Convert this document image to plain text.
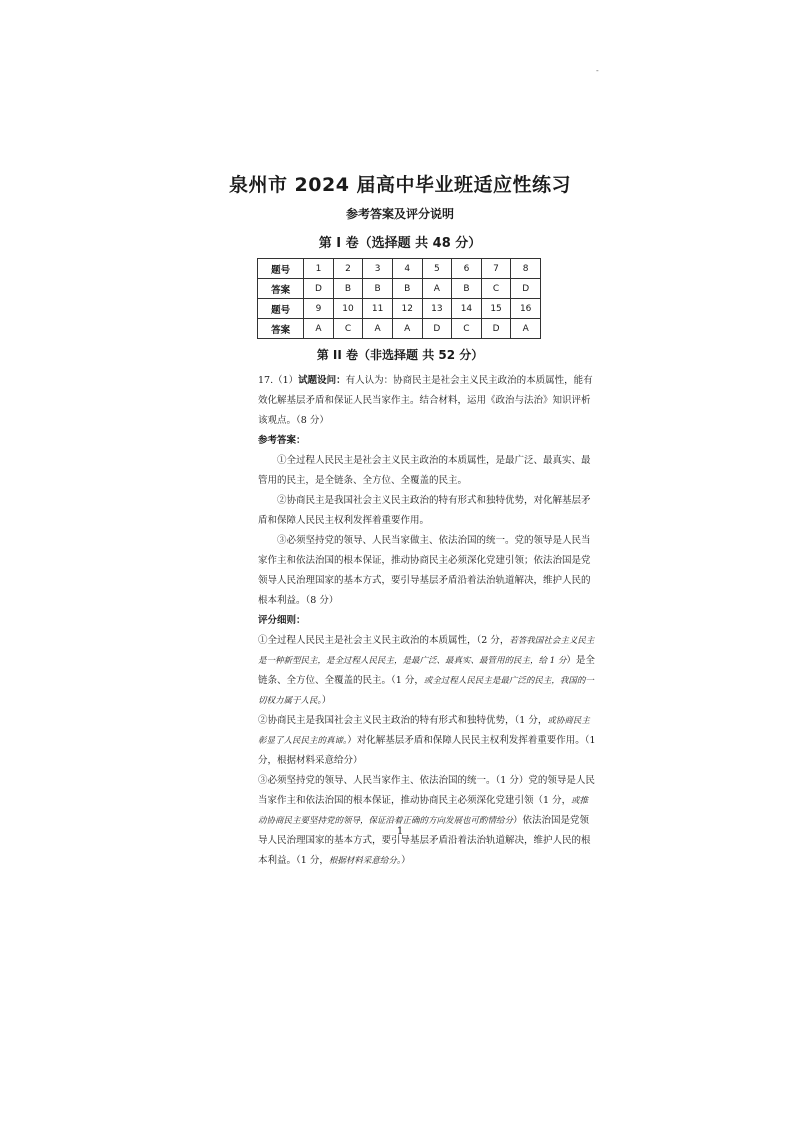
-
泉州市 2024 届高中毕业班适应性练习
参考答案及评分说明
第 I 卷（选择题 共 48 分）
题号	1	2	3	4	5	6	7	8
答案	D	B	B	B	A	B	C	D
题号	9	10	11	12	13	14	15	16
答案	A	C	A	A	D	C	D	A
第 II 卷（非选择题 共 52 分）

17.（1）试题设问：有人认为：协商民主是社会主义民主政治的本质属性，能有效化解基层矛盾和保证人民当家作主。结合材料，运用《政治与法治》知识评析该观点。（8 分）

参考答案：

①全过程人民民主是社会主义民主政治的本质属性，是最广泛、最真实、最管用的民主，是全链条、全方位、全覆盖的民主。

②协商民主是我国社会主义民主政治的特有形式和独特优势，对化解基层矛盾和保障人民民主权利发挥着重要作用。

③必须坚持党的领导、人民当家做主、依法治国的统一。党的领导是人民当家作主和依法治国的根本保证，推动协商民主必须深化党建引领；依法治国是党领导人民治理国家的基本方式，要引导基层矛盾沿着法治轨道解决，维护人民的根本利益。（8 分）

评分细则：

①全过程人民民主是社会主义民主政治的本质属性，（2 分，若答我国社会主义民主是一种新型民主，是全过程人民民主，是最广泛、最真实、最管用的民主，给 1 分）是全链条、全方位、全覆盖的民主。（1 分，或全过程人民民主是最广泛的民主，我国的一切权力属于人民。）

②协商民主是我国社会主义民主政治的特有形式和独特优势，（1 分，或协商民主彰显了人民民主的真谛。）对化解基层矛盾和保障人民民主权利发挥着重要作用。（1 分，根据材料采意给分）

③必须坚持党的领导、人民当家作主、依法治国的统一。（1 分）党的领导是人民当家作主和依法治国的根本保证，推动协商民主必须深化党建引领（1 分，或推动协商民主要坚持党的领导，保证沿着正确的方向发展也可酌情给分）依法治国是党领导人民治理国家的基本方式，要引导基层矛盾沿着法治轨道解决，维护人民的根本利益。（1 分，根据材料采意给分。）

1
